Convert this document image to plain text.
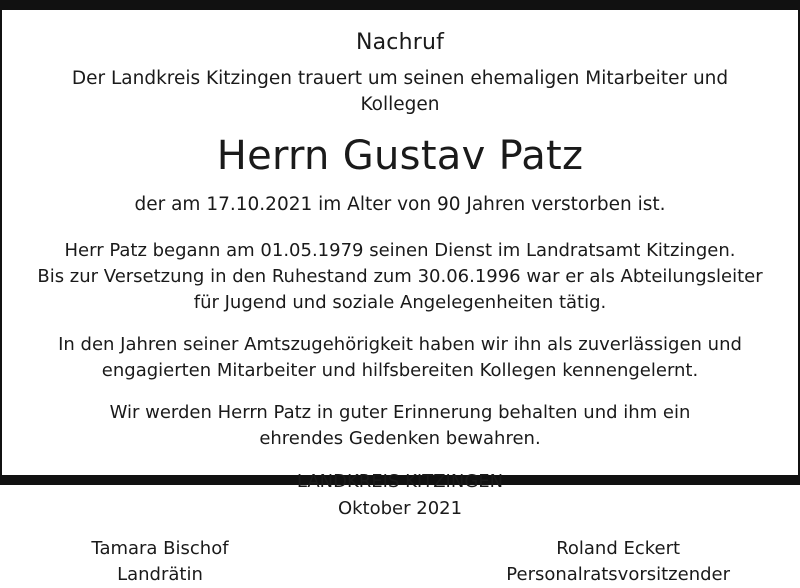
Nachruf
Der Landkreis Kitzingen trauert um seinen ehemaligen Mitarbeiter und Kollegen
Herrn Gustav Patz
der am 17.10.2021 im Alter von 90 Jahren verstorben ist.
Herr Patz begann am 01.05.1979 seinen Dienst im Landratsamt Kitzingen.
Bis zur Versetzung in den Ruhestand zum 30.06.1996 war er als Abteilungsleiter
für Jugend und soziale Angelegenheiten tätig.
In den Jahren seiner Amtszugehörigkeit haben wir ihn als zuverlässigen und
engagierten Mitarbeiter und hilfsbereiten Kollegen kennengelernt.
Wir werden Herrn Patz in guter Erinnerung behalten und ihm ein
ehrendes Gedenken bewahren.
LANDKREIS KITZINGEN
Oktober 2021
Tamara Bischof
Landrätin
Roland Eckert
Personalratsvorsitzender
